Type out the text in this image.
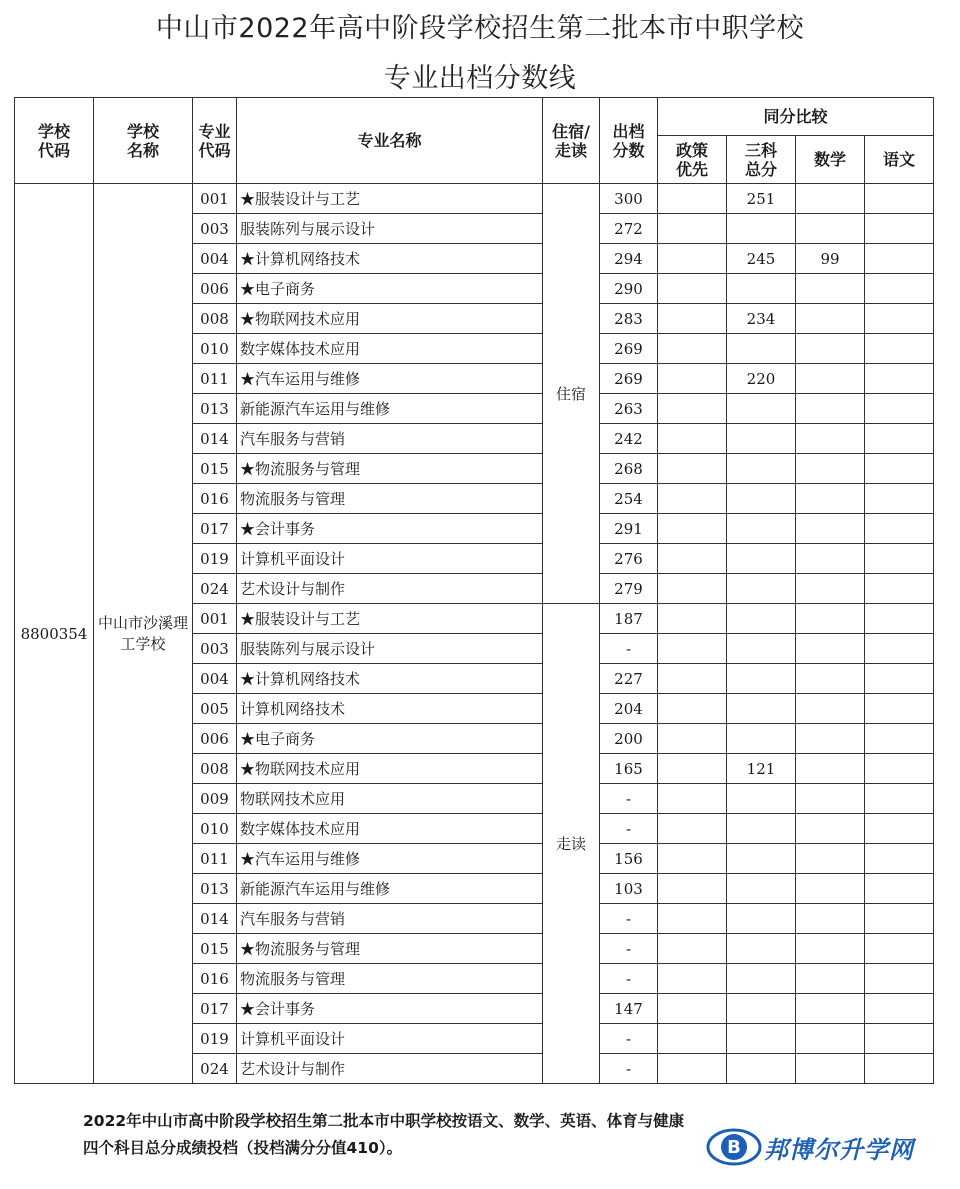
中山市2022年高中阶段学校招生第二批本市中职学校
专业出档分数线
学校代码	学校名称	专业代码	专业名称	住宿/走读	出档分数	同分比较			
						政策优先	三科总分	数学	语文
8800354	中山市沙溪理工学校	001	★服装设计与工艺	住宿	300		251		
		003	服装陈列与展示设计		272				
		004	★计算机网络技术		294		245	99	
		006	★电子商务		290				
		008	★物联网技术应用		283		234		
		010	数字媒体技术应用		269				
		011	★汽车运用与维修		269		220		
		013	新能源汽车运用与维修		263				
		014	汽车服务与营销		242				
		015	★物流服务与管理		268				
		016	物流服务与管理		254				
		017	★会计事务		291				
		019	计算机平面设计		276				
		024	艺术设计与制作		279				
		001	★服装设计与工艺	走读	187				
		003	服装陈列与展示设计		-				
		004	★计算机网络技术		227				
		005	计算机网络技术		204				
		006	★电子商务		200				
		008	★物联网技术应用		165		121		
		009	物联网技术应用		-				
		010	数字媒体技术应用		-				
		011	★汽车运用与维修		156				
		013	新能源汽车运用与维修		103				
		014	汽车服务与营销		-				
		015	★物流服务与管理		-				
		016	物流服务与管理		-				
		017	★会计事务		147				
		019	计算机平面设计		-				
		024	艺术设计与制作		-				
2022年中山市高中阶段学校招生第二批本市中职学校按语文、数学、英语、体育与健康
四个科目总分成绩投档（投档满分分值410）。	B 邦博尔升学网
